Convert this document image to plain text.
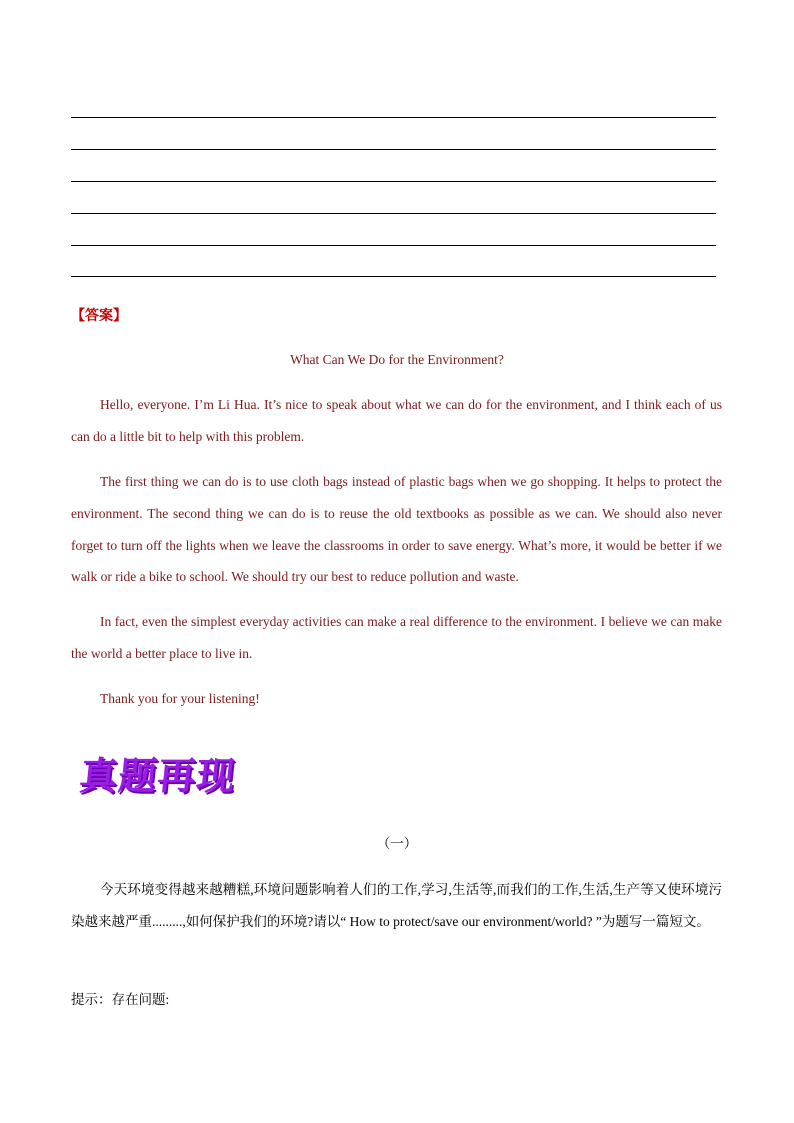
【答案】
What Can We Do for the Environment?

Hello, everyone. I’m Li Hua. It’s nice to speak about what we can do for the environment, and I think each of us can do a little bit to help with this problem.

The first thing we can do is to use cloth bags instead of plastic bags when we go shopping. It helps to protect the environment. The second thing we can do is to reuse the old textbooks as possible as we can. We should also never forget to turn off the lights when we leave the classrooms in order to save energy. What’s more, it would be better if we walk or ride a bike to school. We should try our best to reduce pollution and waste.

In fact, even the simplest everyday activities can make a real difference to the environment. I believe we can make the world a better place to live in.

Thank you for your listening!

真题再现
（一）

今天环境变得越来越糟糕,环境问题影响着人们的工作,学习,生活等,而我们的工作,生活,生产等又使环境污染越来越严重.........,如何保护我们的环境?请以“ How to protect/save our environment/world? ”为题写一篇短文。

提示：存在问题:
